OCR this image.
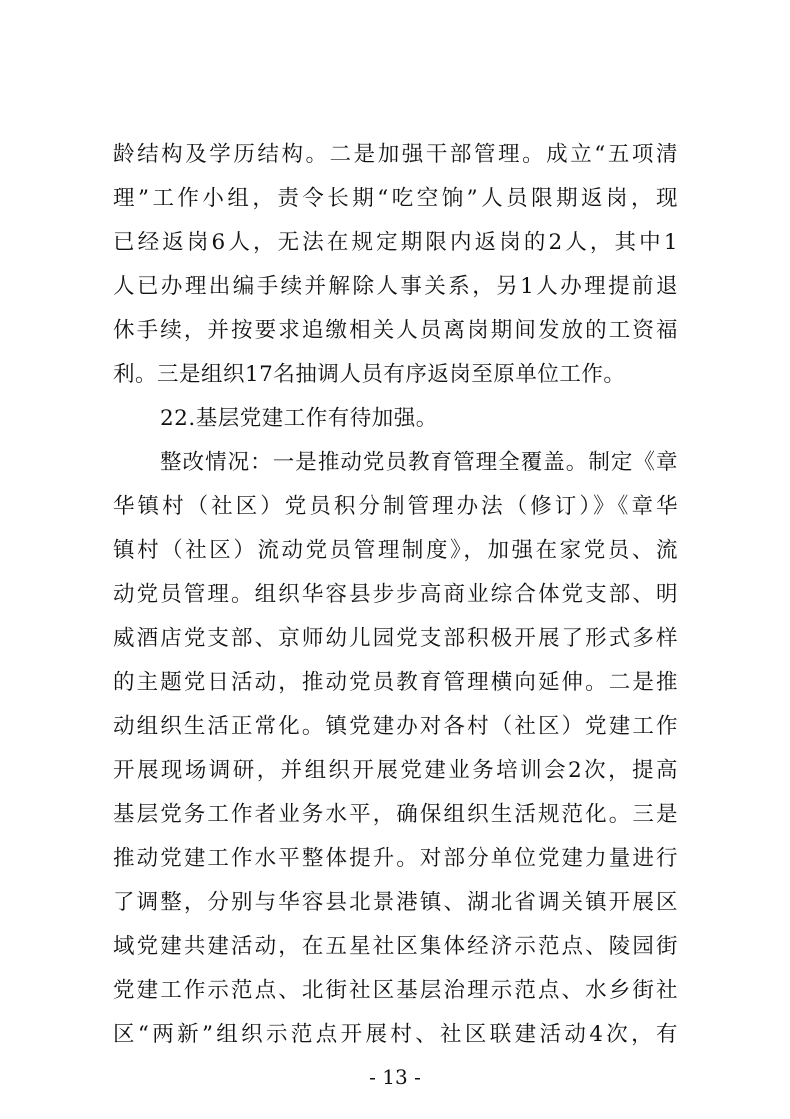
龄结构及学历结构。二是加强干部管理。成立“五项清
理”工作小组，责令长期“吃空饷”人员限期返岗，现
已经返岗6人，无法在规定期限内返岗的2人，其中1
人已办理出编手续并解除人事关系，另1人办理提前退
休手续，并按要求追缴相关人员离岗期间发放的工资福
利。三是组织17名抽调人员有序返岗至原单位工作。
22.基层党建工作有待加强。
整改情况：一是推动党员教育管理全覆盖。制定《章
华镇村（社区）党员积分制管理办法（修订）》《章华
镇村（社区）流动党员管理制度》，加强在家党员、流
动党员管理。组织华容县步步高商业综合体党支部、明
威酒店党支部、京师幼儿园党支部积极开展了形式多样
的主题党日活动，推动党员教育管理横向延伸。二是推
动组织生活正常化。镇党建办对各村（社区）党建工作
开展现场调研，并组织开展党建业务培训会2次，提高
基层党务工作者业务水平，确保组织生活规范化。三是
推动党建工作水平整体提升。对部分单位党建力量进行
了调整，分别与华容县北景港镇、湖北省调关镇开展区
域党建共建活动，在五星社区集体经济示范点、陵园街
党建工作示范点、北街社区基层治理示范点、水乡街社
区“两新”组织示范点开展村、社区联建活动4次，有
- 13 -
